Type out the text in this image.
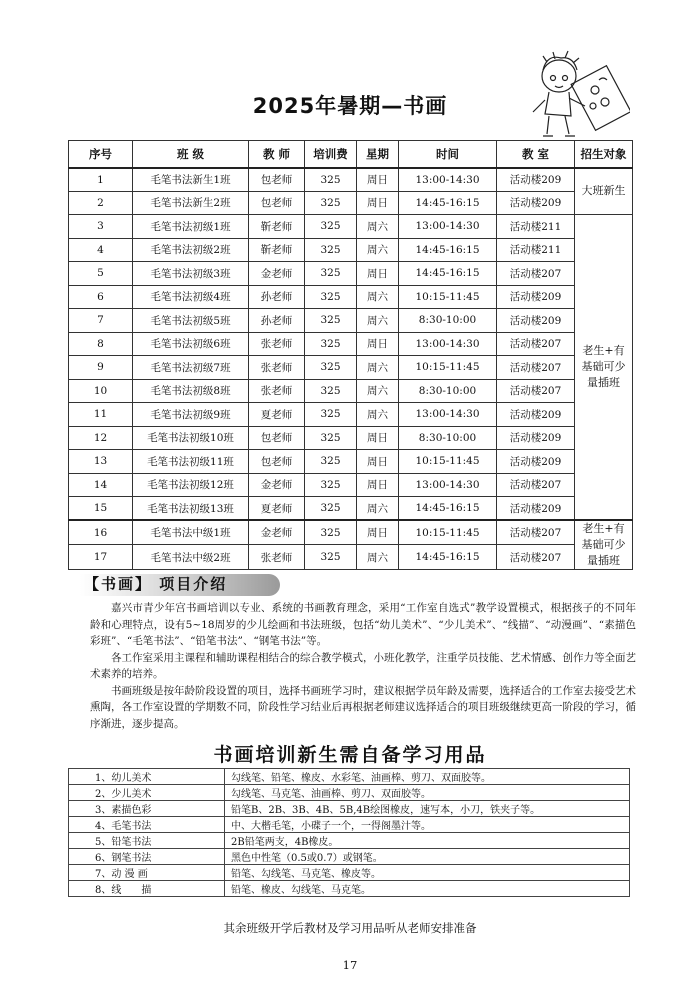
2025年暑期—书画
序号	班 级	教 师	培训费	星期	时间	教 室	招生对象
1	毛笔书法新生1班	包老师	325	周日	13:00-14:30	活动楼209	大班新生
2	毛笔书法新生2班	包老师	325	周日	14:45-16:15	活动楼209	
3	毛笔书法初级1班	靳老师	325	周六	13:00-14:30	活动楼211	老生+有基础可少量插班
4	毛笔书法初级2班	靳老师	325	周六	14:45-16:15	活动楼211	
5	毛笔书法初级3班	金老师	325	周日	14:45-16:15	活动楼207	
6	毛笔书法初级4班	孙老师	325	周六	10:15-11:45	活动楼209	
7	毛笔书法初级5班	孙老师	325	周六	8:30-10:00	活动楼209	
8	毛笔书法初级6班	张老师	325	周日	13:00-14:30	活动楼207	
9	毛笔书法初级7班	张老师	325	周六	10:15-11:45	活动楼207	
10	毛笔书法初级8班	张老师	325	周六	8:30-10:00	活动楼207	
11	毛笔书法初级9班	夏老师	325	周六	13:00-14:30	活动楼209	
12	毛笔书法初级10班	包老师	325	周日	8:30-10:00	活动楼209	
13	毛笔书法初级11班	包老师	325	周日	10:15-11:45	活动楼209	
14	毛笔书法初级12班	金老师	325	周日	13:00-14:30	活动楼207	
15	毛笔书法初级13班	夏老师	325	周六	14:45-16:15	活动楼209	
16	毛笔书法中级1班	金老师	325	周日	10:15-11:45	活动楼207	老生+有基础可少量插班
17	毛笔书法中级2班	张老师	325	周六	14:45-16:15	活动楼207	
【书画】 项目介绍

嘉兴市青少年宫书画培训以专业、系统的书画教育理念，采用“工作室自选式”教学设置模式，根据孩子的不同年龄和心理特点，设有5~18周岁的少儿绘画和书法班级，包括“幼儿美术”、“少儿美术”、“线描”、“动漫画”、“素描色彩班”、“毛笔书法”、“铅笔书法”、“钢笔书法”等。

各工作室采用主课程和辅助课程相结合的综合教学模式，小班化教学，注重学员技能、艺术情感、创作力等全面艺术素养的培养。

书画班级是按年龄阶段设置的项目，选择书画班学习时，建议根据学员年龄及需要，选择适合的工作室去接受艺术熏陶，各工作室设置的学期数不同，阶段性学习结业后再根据老师建议选择适合的项目班级继续更高一阶段的学习，循序渐进，逐步提高。

书画培训新生需自备学习用品
1、幼儿美术	勾线笔、铅笔、橡皮、水彩笔、油画棒、剪刀、双面胶等。
2、少儿美术	勾线笔、马克笔、油画棒、剪刀、双面胶等。
3、素描色彩	铅笔B、2B、3B、4B、5B,4B绘图橡皮，速写本，小刀，铁夹子等。
4、毛笔书法	中、大楷毛笔，小碟子一个，一得阁墨汁等。
5、铅笔书法	2B铅笔两支，4B橡皮。
6、钢笔书法	黑色中性笔（0.5或0.7）或钢笔。
7、动 漫 画	铅笔、勾线笔、马克笔、橡皮等。
8、线　　描	铅笔、橡皮、勾线笔、马克笔。
其余班级开学后教材及学习用品听从老师安排准备
17
